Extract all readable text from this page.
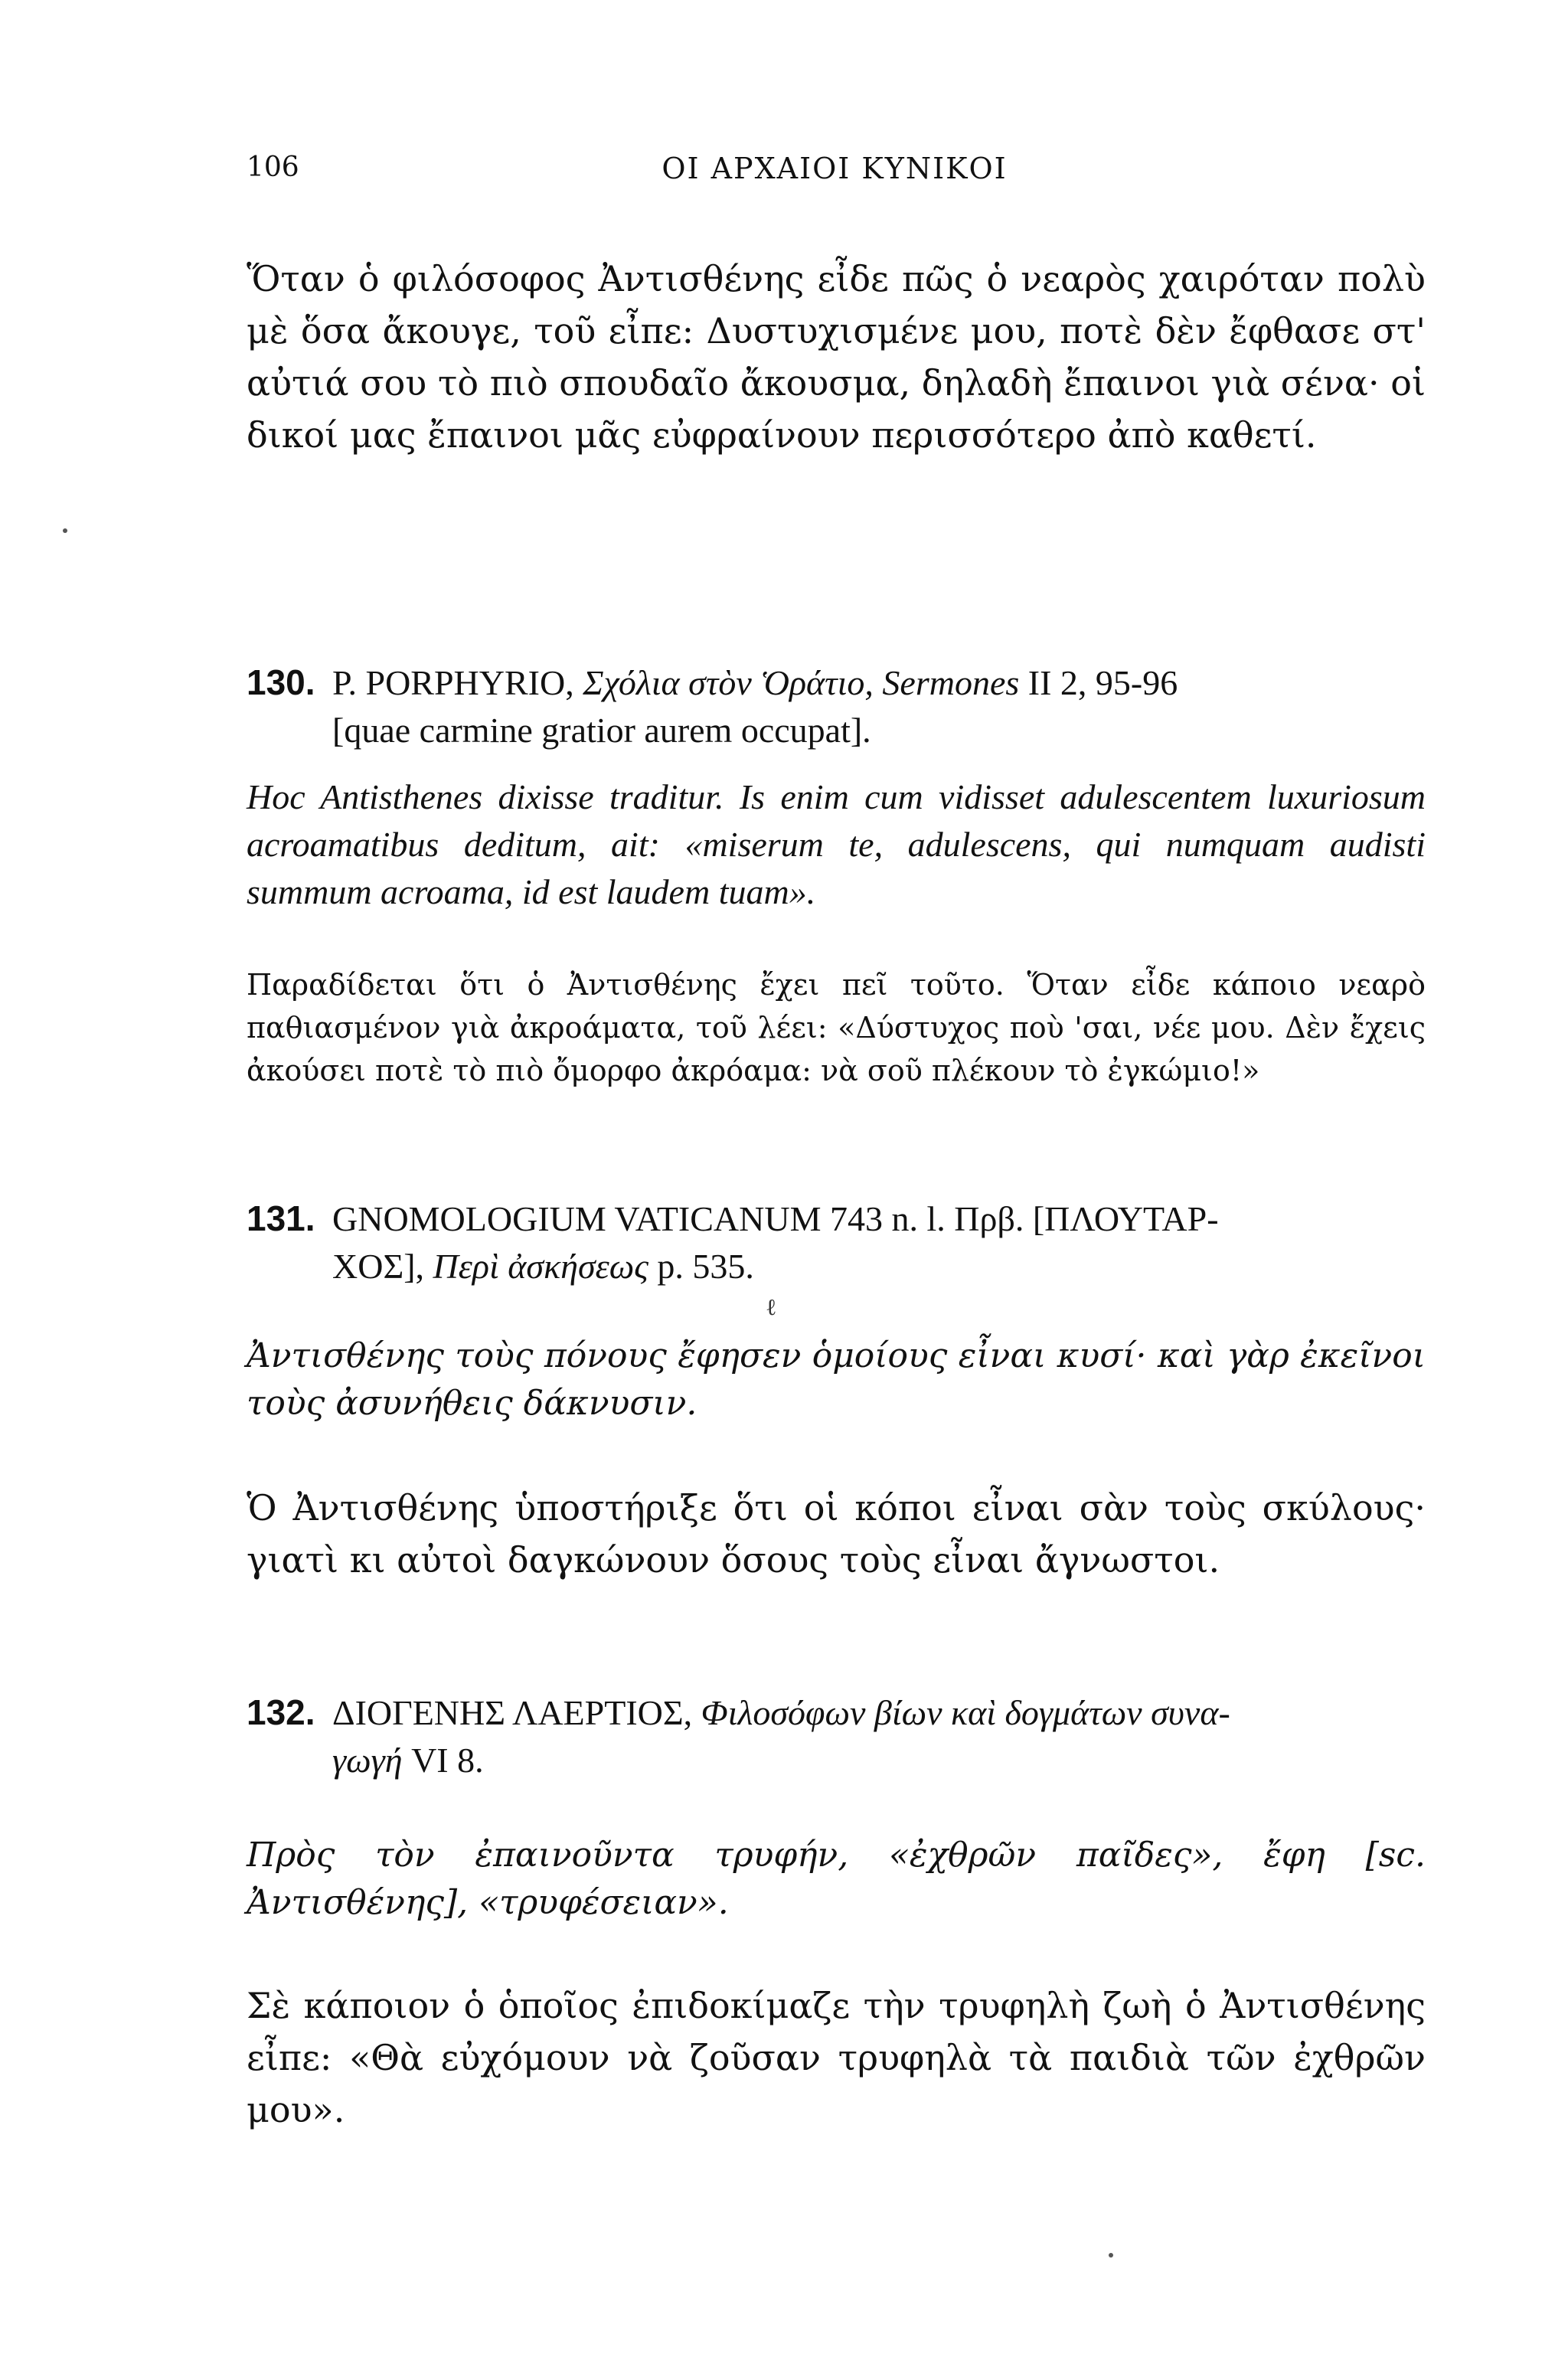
106	ΟΙ ΑΡΧΑΙΟΙ ΚΥΝΙΚΟΙ

Ὅταν ὁ φιλόσοφος Ἀντισθένης εἶδε πῶς ὁ νεαρὸς χαιρόταν πολὺ μὲ ὅσα ἄκουγε, τοῦ εἶπε: Δυστυχισμένε μου, ποτὲ δὲν ἔφθασε στ' αὐτιά σου τὸ πιὸ σπουδαῖο ἄκουσμα, δηλαδὴ ἔπαινοι γιὰ σένα· οἱ δικοί μας ἔπαινοι μᾶς εὐφραίνουν περισσότερο ἀπὸ καθετί.

130. P. PORPHYRIO, Σχόλια στὸν Ὁράτιο, Sermones II 2, 95-96

[quae carmine gratior aurem occupat].

Hoc Antisthenes dixisse traditur. Is enim cum vidisset adulescentem luxuriosum acroamatibus deditum, ait: «miserum te, adulescens, qui numquam audisti summum acroama, id est laudem tuam».

Παραδίδεται ὅτι ὁ Ἀντισθένης ἔχει πεῖ τοῦτο. Ὅταν εἶδε κάποιο νεαρὸ παθιασμένον γιὰ ἀκροάματα, τοῦ λέει: «Δύστυχος ποὺ 'σαι, νέε μου. Δὲν ἔχεις ἀκούσει ποτὲ τὸ πιὸ ὄμορφο ἀκρόαμα: νὰ σοῦ πλέκουν τὸ ἐγκώμιο!»

131. GNOMOLOGIUM VATICANUM 743 n. l. Πρβ. [ΠΛΟΥΤΑΡ-

ΧΟΣ], Περὶ ἀσκήσεως p. 535.

ℓ

Ἀντισθένης τοὺς πόνους ἔφησεν ὁμοίους εἶναι κυσί· καὶ γὰρ ἐκεῖνοι τοὺς ἀσυνήθεις δάκνυσιν.

Ὁ Ἀντισθένης ὑποστήριξε ὅτι οἱ κόποι εἶναι σὰν τοὺς σκύλους· γιατὶ κι αὐτοὶ δαγκώνουν ὅσους τοὺς εἶναι ἄγνωστοι.

132. ΔΙΟΓΕΝΗΣ ΛΑΕΡΤΙΟΣ, Φιλοσόφων βίων καὶ δογμάτων συνα-

γωγή VI 8.

Πρὸς τὸν ἐπαινοῦντα τρυφήν, «ἐχθρῶν παῖδες», ἔφη [sc. Ἀντισθένης], «τρυφέσειαν».

Σὲ κάποιον ὁ ὁποῖος ἐπιδοκίμαζε τὴν τρυφηλὴ ζωὴ ὁ Ἀντισθένης εἶπε: «Θὰ εὐχόμουν νὰ ζοῦσαν τρυφηλὰ τὰ παιδιὰ τῶν ἐχθρῶν μου».
